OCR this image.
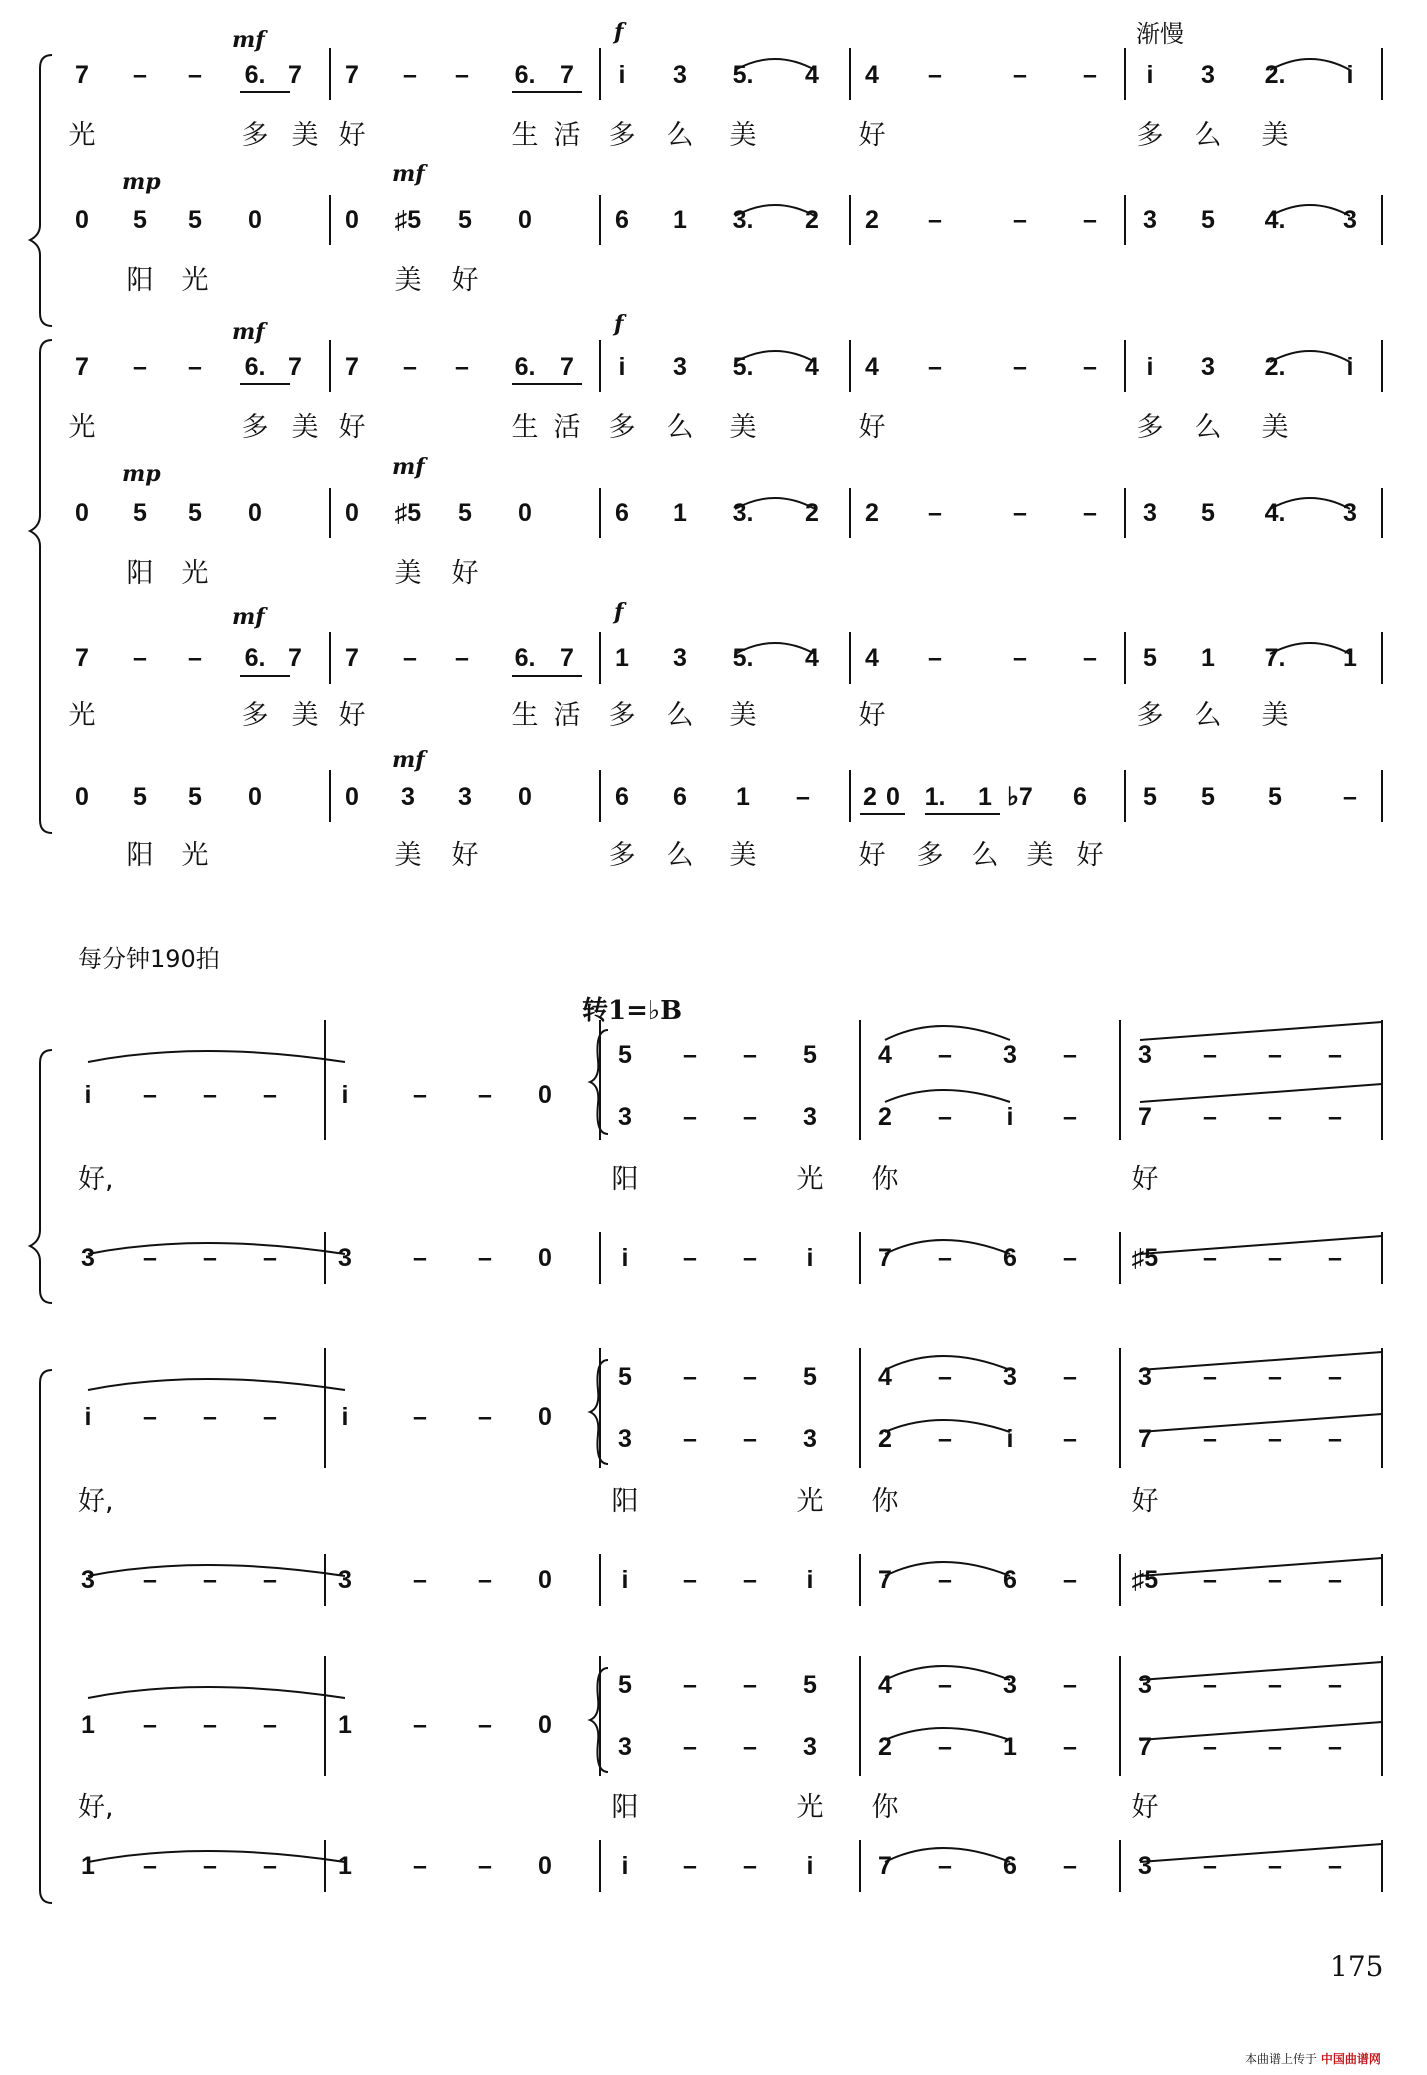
渐慢
mf	f
mp	mf
mf	f
mp	mf
mf	f
mf
7	–	–	6. 7	7	–	–	6. 7	i	3	5.	4	4	–	–	–	i	3	2.	i
光	多 美 好	生 活 多 么 美	好	多 么 美
0	5	5	0	0	♯5	5	0	6	1	3.	2	2	–	–	–	3	5	4.	3
阳 光	美 好
7	–	–	6. 7	7	–	–	6. 7	i	3	5.	4	4	–	–	–	i	3	2.	i
光	多 美 好	生 活 多 么 美	好	多 么 美
0	5	5	0	0	♯5	5	0	6	1	3.	2	2	–	–	–	3	5	4.	3
阳 光	美 好
7	–	–	6. 7	7	–	–	6. 7	1	3	5.	4	4	–	–	–	5	1	7.	1
光	多 美 好	生 活 多 么 美	好	多 么 美
0	5	5	0	0	3	3	0	6	6	1	–	2 0 1.	1 ♭7	6	5	5	5	–
阳 光	美 好	多 么 美	好 多 么 美 好
每分钟190拍
转1=♭B
i	–	–	–	i	–	–	0
5	–	–	5	4	–	3	–	3	–	–	–
3	–	–	3	2	–	i	–	7	–	–	–
好,	阳	光 你	好
3	–	–	–	3	–	–	0	i	–	–	i	7	–	6	–	♯5	–	–	–
i	–	–	–	i	–	–	0
5	–	–	5	4	–	3	–	3	–	–	–
3	–	–	3	2	–	i	–	7	–	–	–
好,	阳	光 你	好
3	–	–	–	3	–	–	0	i	–	–	i	7	–	6	–	♯5	–	–	–
1	–	–	–	1	–	–	0
5	–	–	5	4	–	3	–	3	–	–	–
3	–	–	3	2	–	1	–	7	–	–	–
好,	阳	光 你	好
1	–	–	–	1	–	–	0	i	–	–	i	7	–	6	–	3	–	–	–
175
本曲谱上传于 中国曲谱网
